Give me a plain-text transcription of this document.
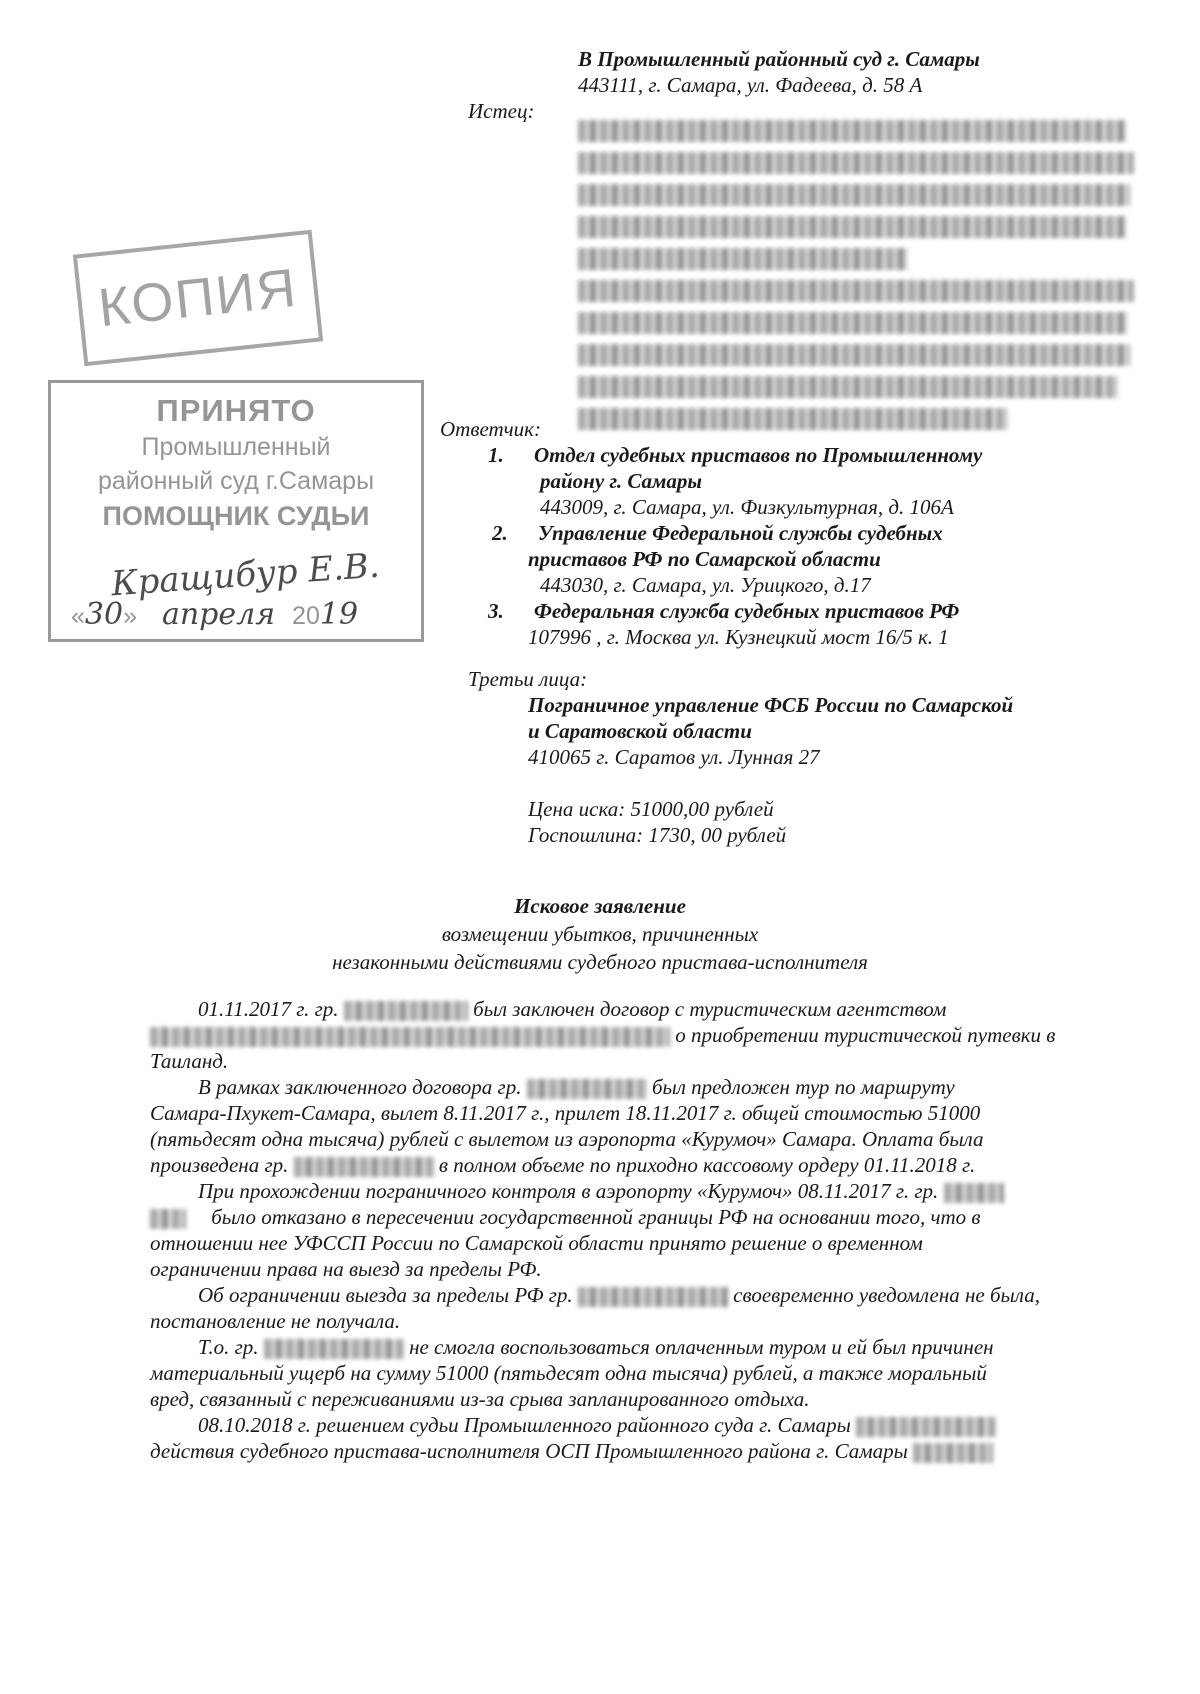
В Промышленный районный суд г. Самары
443111, г. Самара, ул. Фадеева, д. 58 А
Истец:
КОПИЯ
ПРИНЯТО
Промышленный
районный суд г.Самары
ПОМОЩНИК СУДЬИ
Кращибур Е.В.
«30» апреля 2019
Ответчик:
1. Отдел судебных приставов по Промышленному
району г. Самары
443009, г. Самара, ул. Физкультурная, д. 106А
2. Управление Федеральной службы судебных
приставов РФ по Самарской области
443030, г. Самара, ул. Урицкого, д.17
3. Федеральная служба судебных приставов РФ
107996 , г. Москва ул. Кузнецкий мост 16/5 к. 1
Третьи лица:
Пограничное управление ФСБ России по Самарской
и Саратовской области
410065 г. Саратов ул. Лунная 27
Цена иска: 51000,00 рублей
Госпошлина: 1730, 00 рублей
Исковое заявление
возмещении убытков, причиненных
незаконными действиями судебного пристава-исполнителя
01.11.2017 г. гр.	был заключен договор с туристическим агентством
о приобретении туристической путевки в
Таиланд.
В рамках заключенного договора гр.	был предложен тур по маршруту
Самара-Пхукет-Самара, вылет 8.11.2017 г., прилет 18.11.2017 г. общей стоимостью 51000
(пятьдесят одна тысяча) рублей с вылетом из аэропорта «Курумоч» Самара. Оплата была
произведена гр.	в полном объеме по приходно кассовому ордеру 01.11.2018 г.
При прохождении пограничного контроля в аэропорту «Курумоч» 08.11.2017 г. гр.
было отказано в пересечении государственной границы РФ на основании того, что в
отношении нее УФССП России по Самарской области принято решение о временном
ограничении права на выезд за пределы РФ.
Об ограничении выезда за пределы РФ гр.	своевременно уведомлена не была,
постановление не получала.
Т.о. гр.	не смогла воспользоваться оплаченным туром и ей был причинен
материальный ущерб на сумму 51000 (пятьдесят одна тысяча) рублей, а также моральный
вред, связанный с переживаниями из-за срыва запланированного отдыха.
08.10.2018 г. решением судьи Промышленного районного суда г. Самары
действия судебного пристава-исполнителя ОСП Промышленного района г. Самары
